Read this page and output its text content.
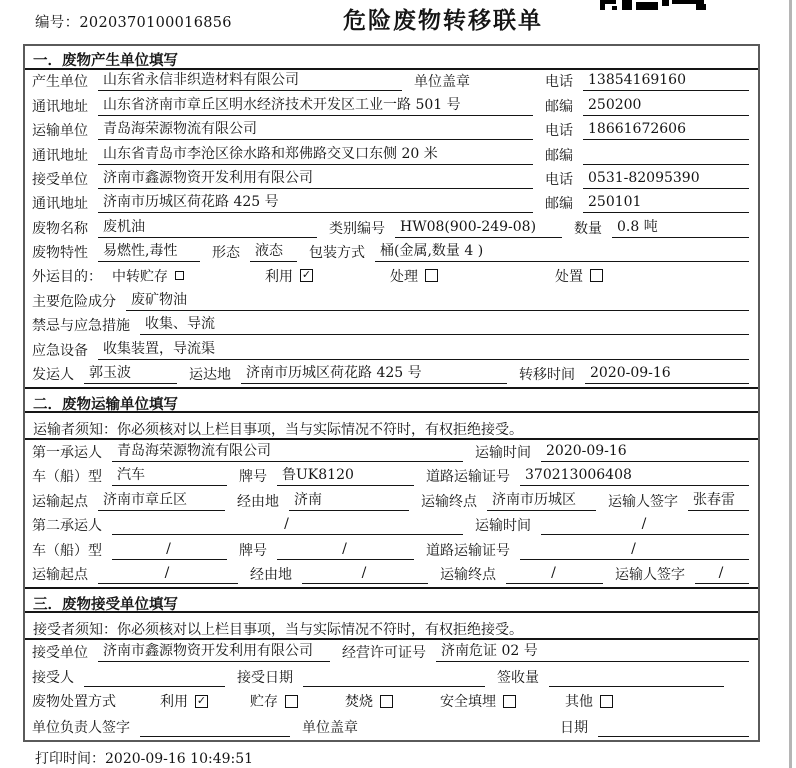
编号：2020370100016856	危险废物转移联单
一．废物产生单位填写
产生单位	山东省永信非织造材料有限公司	单位盖章	电话	13854169160
通讯地址	山东省济南市章丘区明水经济技术开发区工业一路 501 号	邮编	250200
运输单位	青岛海荣源物流有限公司	电话	18661672606
通讯地址	山东省青岛市李沧区徐水路和郑佛路交叉口东侧 20 米	邮编
接受单位	济南市鑫源物资开发利用有限公司	电话	0531-82095390
通讯地址	济南市历城区荷花路 425 号	邮编	250101
废物名称	废机油	类别编号	HW08(900-249-08)	数量	0.8 吨
废物特性	易燃性,毒性	形态	液态	包装方式	桶(金属,数量 4 )
外运目的： 中转贮存	利用 ✓	处理	处置
主要危险成分	废矿物油
禁忌与应急措施	收集、导流
应急设备	收集装置，导流渠
发运人	郭玉波	运达地	济南市历城区荷花路 425 号	转移时间	2020-09-16
二．废物运输单位填写
运输者须知：你必须核对以上栏目事项，当与实际情况不符时，有权拒绝接受。
第一承运人	青岛海荣源物流有限公司	运输时间	2020-09-16
车（船）型	汽车	牌号	鲁UK8120	道路运输证号	370213006408
运输起点	济南市章丘区	经由地	济南	运输终点	济南市历城区	运输人签字	张春雷
第二承运人	/	运输时间	/
车（船）型	/	牌号	/	道路运输证号	/
运输起点	/	经由地	/	运输终点	/	运输人签字	/
三．废物接受单位填写
接受者须知：你必须核对以上栏目事项，当与实际情况不符时，有权拒绝接受。
接受单位	济南市鑫源物资开发利用有限公司	经营许可证号	济南危证 02 号
接受人	接受日期	签收量
废物处置方式	利用 ✓	贮存	焚烧	安全填埋	其他
单位负责人签字	单位盖章	日期
打印时间：2020-09-16 10:49:51
